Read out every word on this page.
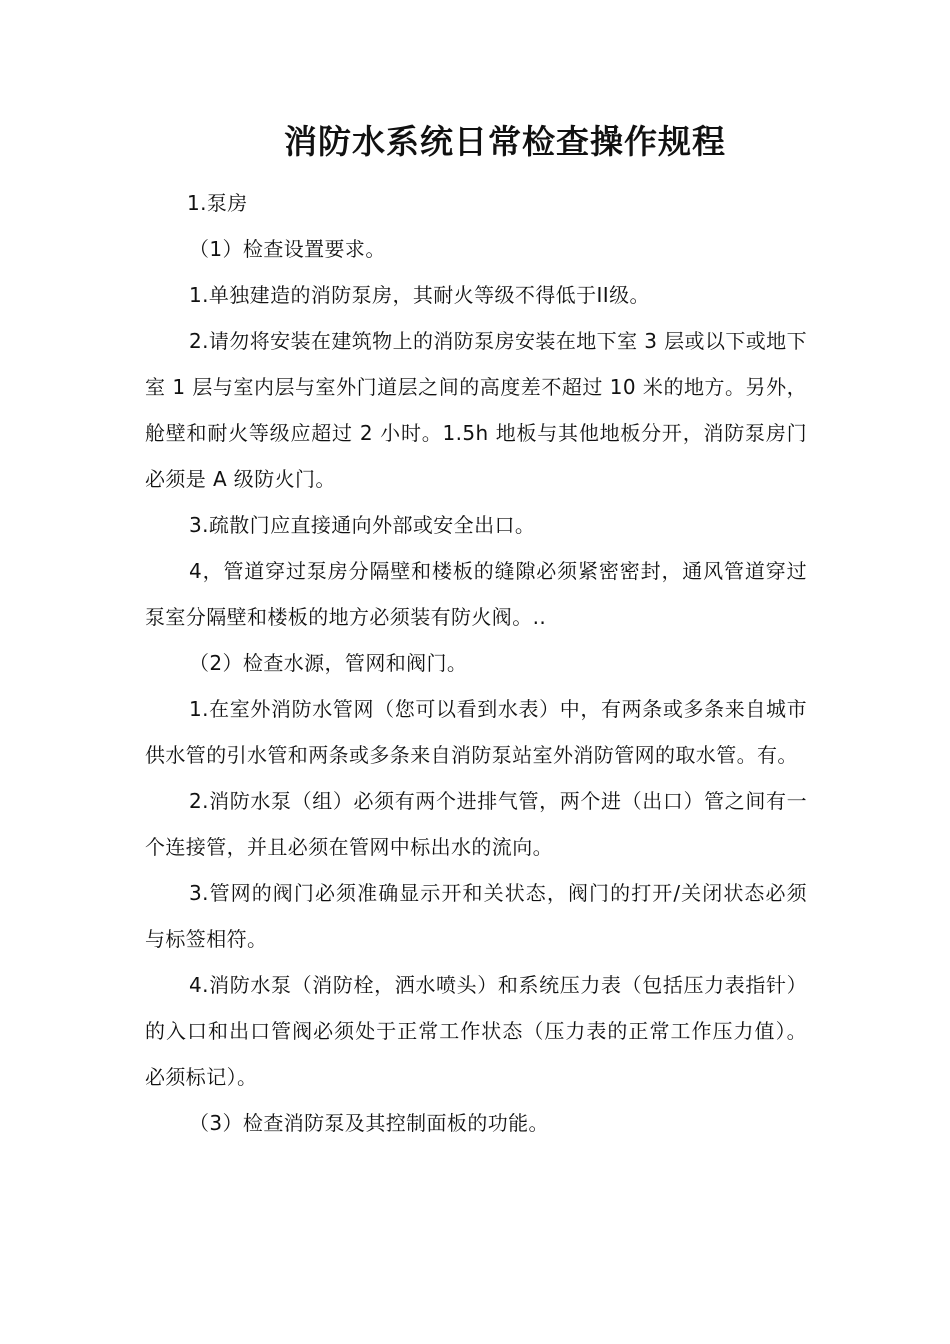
消防水系统日常检查操作规程

1.泵房

（1）检查设置要求。

1.单独建造的消防泵房，其耐火等级不得低于II级。

2.请勿将安装在建筑物上的消防泵房安装在地下室 3 层或以下或地下室 1 层与室内层与室外门道层之间的高度差不超过 10 米的地方。另外，舱壁和耐火等级应超过 2 小时。1.5h 地板与其他地板分开，消防泵房门必须是 A 级防火门。

3.疏散门应直接通向外部或安全出口。

4，管道穿过泵房分隔壁和楼板的缝隙必须紧密密封，通风管道穿过泵室分隔壁和楼板的地方必须装有防火阀。..

（2）检查水源，管网和阀门。

1.在室外消防水管网（您可以看到水表）中，有两条或多条来自城市供水管的引水管和两条或多条来自消防泵站室外消防管网的取水管。有。

2.消防水泵（组）必须有两个进排气管，两个进（出口）管之间有一个连接管，并且必须在管网中标出水的流向。

3.管网的阀门必须准确显示开和关状态，阀门的打开/关闭状态必须与标签相符。

4.消防水泵（消防栓，洒水喷头）和系统压力表（包括压力表指针）的入口和出口管阀必须处于正常工作状态（压力表的正常工作压力值）。必须标记）。

（3）检查消防泵及其控制面板的功能。
